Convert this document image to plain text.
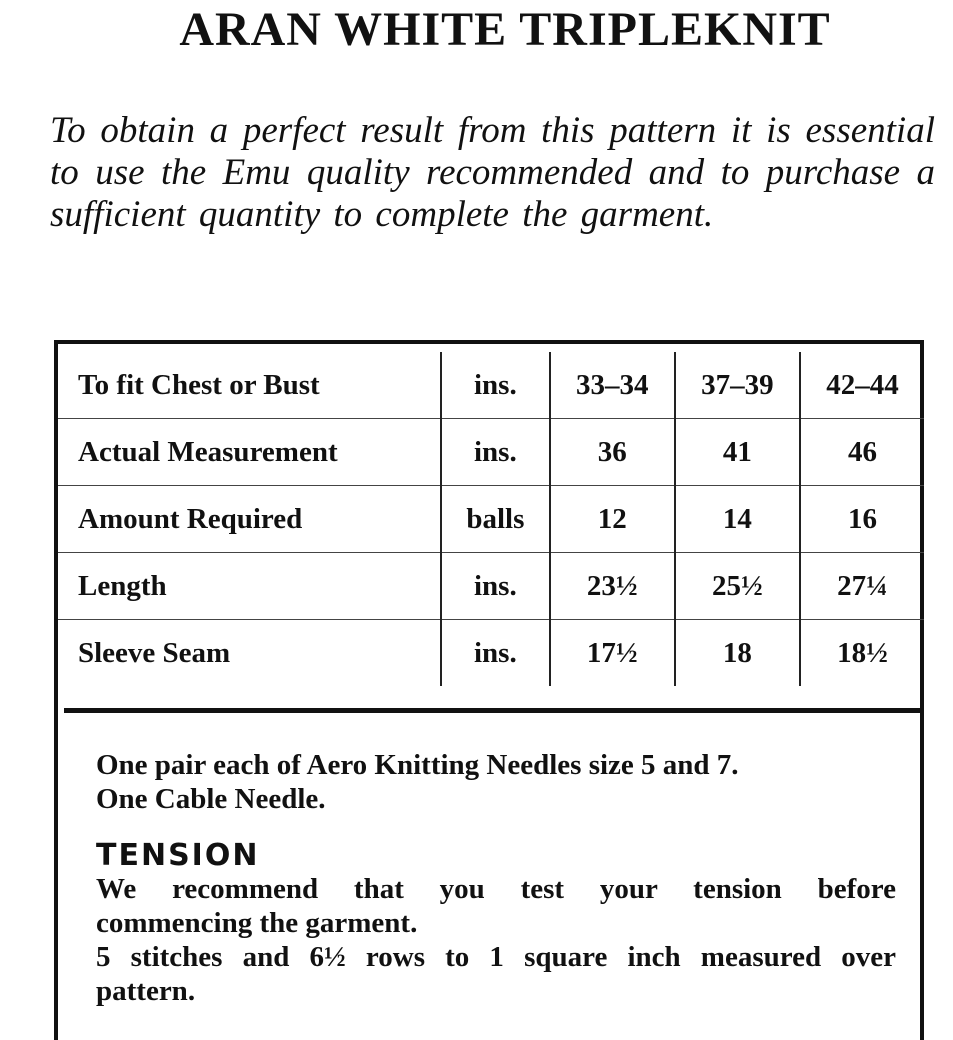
ARAN WHITE TRIPLEKNIT
To obtain a perfect result from this pattern it is essential to use the Emu quality recommended and to purchase a sufficient quantity to complete the garment.
To fit Chest or Bust	ins.	33–34	37–39	42–44
Actual Measurement	ins.	36	41	46
Amount Required	balls	12	14	16
Length	ins.	23½	25½	27¼
Sleeve Seam	ins.	17½	18	18½

One pair each of Aero Knitting Needles size 5 and 7.

One Cable Needle.

TENSION

We recommend that you test your tension before

commencing the garment.

5 stitches and 6½ rows to 1 square inch measured over

pattern.
